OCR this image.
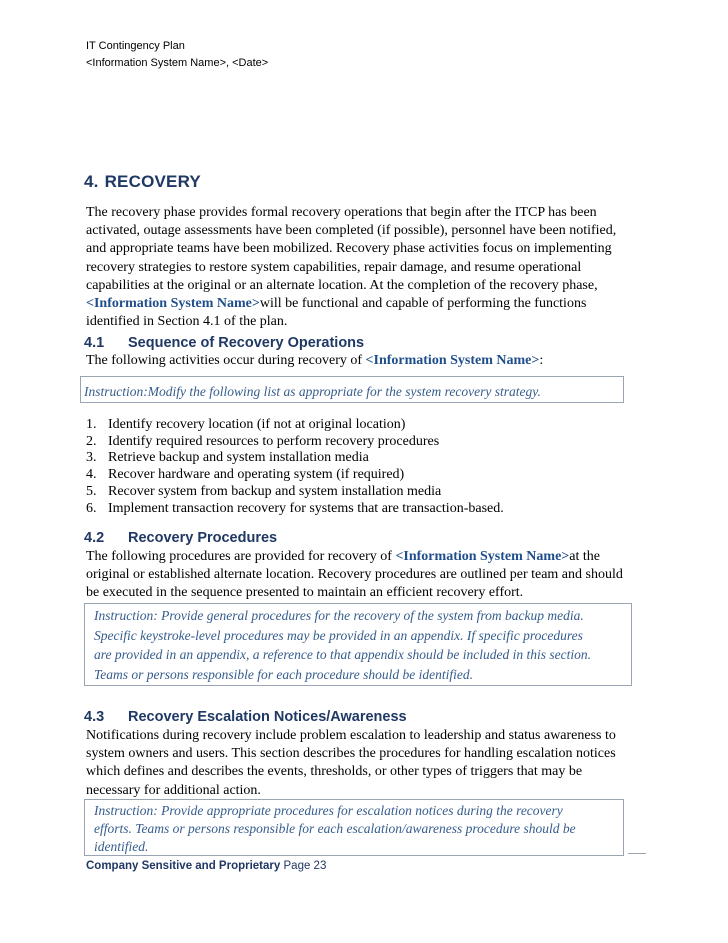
IT Contingency Plan
<Information System Name>, <Date>
4. RECOVERY
The recovery phase provides formal recovery operations that begin after the ITCP has been
activated, outage assessments have been completed (if possible), personnel have been notified,
and appropriate teams have been mobilized. Recovery phase activities focus on implementing
recovery strategies to restore system capabilities, repair damage, and resume operational
capabilities at the original or an alternate location. At the completion of the recovery phase,
<Information System Name>will be functional and capable of performing the functions
identified in Section 4.1 of the plan.
4.1 Sequence of Recovery Operations
The following activities occur during recovery of <Information System Name>:
Instruction:Modify the following list as appropriate for the system recovery strategy.
1. Identify recovery location (if not at original location)
2. Identify required resources to perform recovery procedures
3. Retrieve backup and system installation media
4. Recover hardware and operating system (if required)
5. Recover system from backup and system installation media
6. Implement transaction recovery for systems that are transaction-based.
4.2 Recovery Procedures
The following procedures are provided for recovery of <Information System Name>at the
original or established alternate location. Recovery procedures are outlined per team and should
be executed in the sequence presented to maintain an efficient recovery effort.
Instruction: Provide general procedures for the recovery of the system from backup media.
Specific keystroke-level procedures may be provided in an appendix. If specific procedures
are provided in an appendix, a reference to that appendix should be included in this section.
Teams or persons responsible for each procedure should be identified.
4.3 Recovery Escalation Notices/Awareness
Notifications during recovery include problem escalation to leadership and status awareness to
system owners and users. This section describes the procedures for handling escalation notices
which defines and describes the events, thresholds, or other types of triggers that may be
necessary for additional action.
Instruction: Provide appropriate procedures for escalation notices during the recovery
efforts. Teams or persons responsible for each escalation/awareness procedure should be
identified.
Company Sensitive and Proprietary Page 23
